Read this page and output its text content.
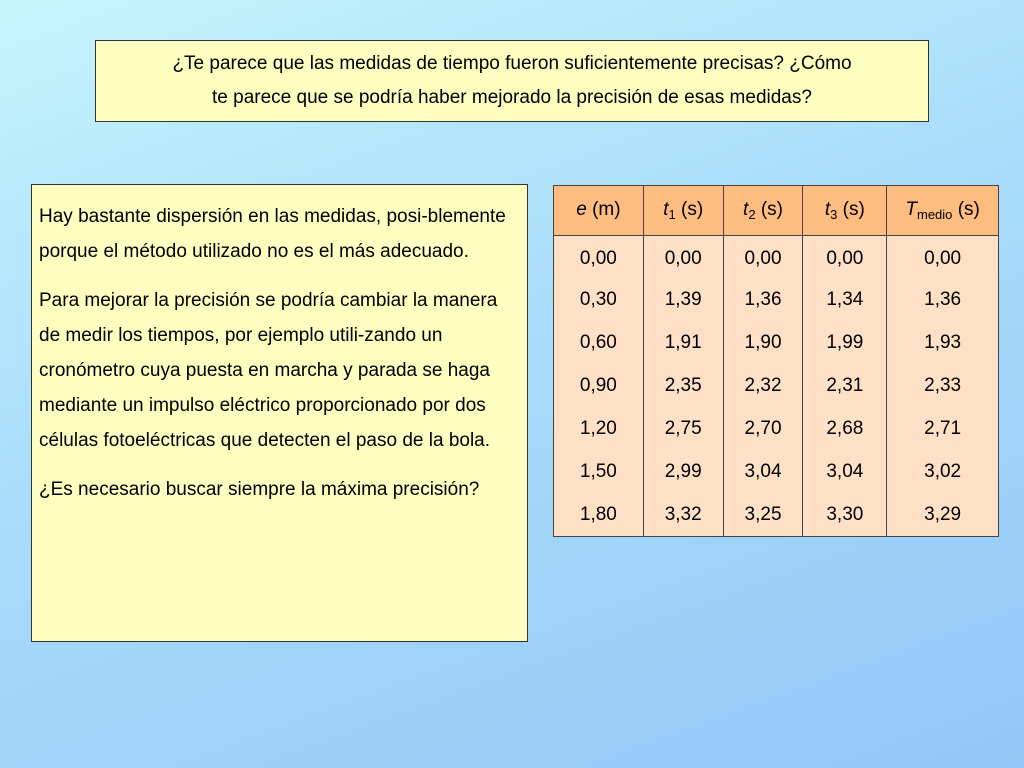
¿Te parece que las medidas de tiempo fueron suficientemente precisas? ¿Cómo
te parece que se podría haber mejorado la precisión de esas medidas?

Hay bastante dispersión en las medidas, posi-blemente porque el método utilizado no es el más adecuado.

Para mejorar la precisión se podría cambiar la manera de medir los tiempos, por ejemplo utili-zando un cronómetro cuya puesta en marcha y parada se haga mediante un impulso eléctrico proporcionado por dos células fotoeléctricas que detecten el paso de la bola.

¿Es necesario buscar siempre la máxima precisión?

e (m)	$t_1$ (s)	$t_2$ (s)	$t_3$ (s)	$T_{medio}$ (s)
0,00	0,00	0,00	0,00	0,00
0,30	1,39	1,36	1,34	1,36
0,60	1,91	1,90	1,99	1,93
0,90	2,35	2,32	2,31	2,33
1,20	2,75	2,70	2,68	2,71
1,50	2,99	3,04	3,04	3,02
1,80	3,32	3,25	3,30	3,29
